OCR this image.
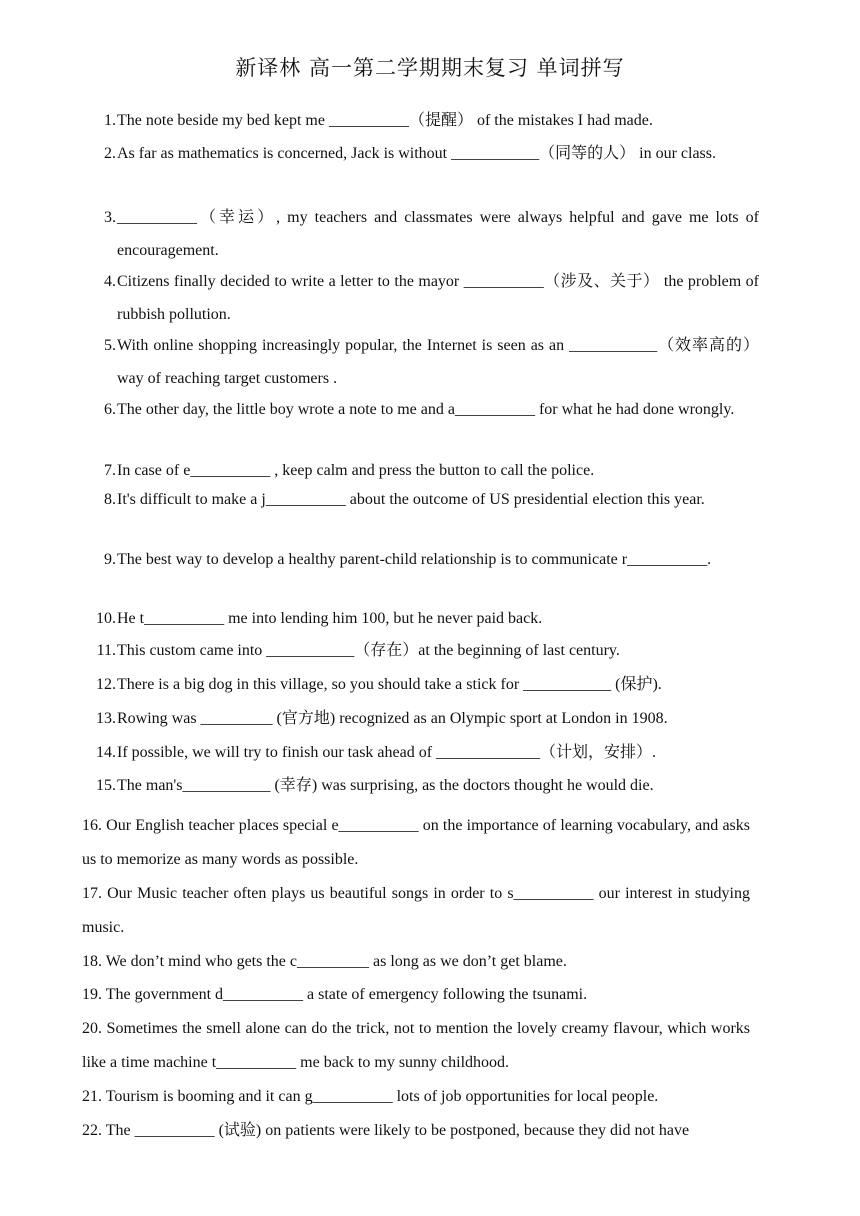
新译林 高一第二学期期末复习 单词拼写
1. The note beside my bed kept me __________（提醒） of the mistakes I had made.
2. As far as mathematics is concerned, Jack is without ___________（同等的人） in our class.
3. __________（幸运）, my teachers and classmates were always helpful and gave me lots of encouragement.
4. Citizens finally decided to write a letter to the mayor __________（涉及、关于） the problem of rubbish pollution.
5. With online shopping increasingly popular, the Internet is seen as an ___________（效率高的） way of reaching target customers .
6. The other day, the little boy wrote a note to me and a__________ for what he had done wrongly.
7. In case of e__________ , keep calm and press the button to call the police.
8. It's difficult to make a j__________ about the outcome of US presidential election this year.
9. The best way to develop a healthy parent-child relationship is to communicate r__________.
10. He t__________ me into lending him 100, but he never paid back.
11. This custom came into ___________（存在）at the beginning of last century.
12. There is a big dog in this village, so you should take a stick for ___________ (保护).
13. Rowing was _________ (官方地) recognized as an Olympic sport at London in 1908.
14. If possible, we will try to finish our task ahead of _____________（计划，安排）.
15. The man's___________ (幸存) was surprising, as the doctors thought he would die.
16. Our English teacher places special e__________ on the importance of learning vocabulary, and asks us to memorize as many words as possible.
17. Our Music teacher often plays us beautiful songs in order to s__________ our interest in studying music.
18. We don’t mind who gets the c_________ as long as we don’t get blame.
19. The government d__________ a state of emergency following the tsunami.
20. Sometimes the smell alone can do the trick, not to mention the lovely creamy flavour, which works like a time machine t__________ me back to my sunny childhood.
21. Tourism is booming and it can g__________ lots of job opportunities for local people.
22. The __________ (试验) on patients were likely to be postponed, because they did not have
